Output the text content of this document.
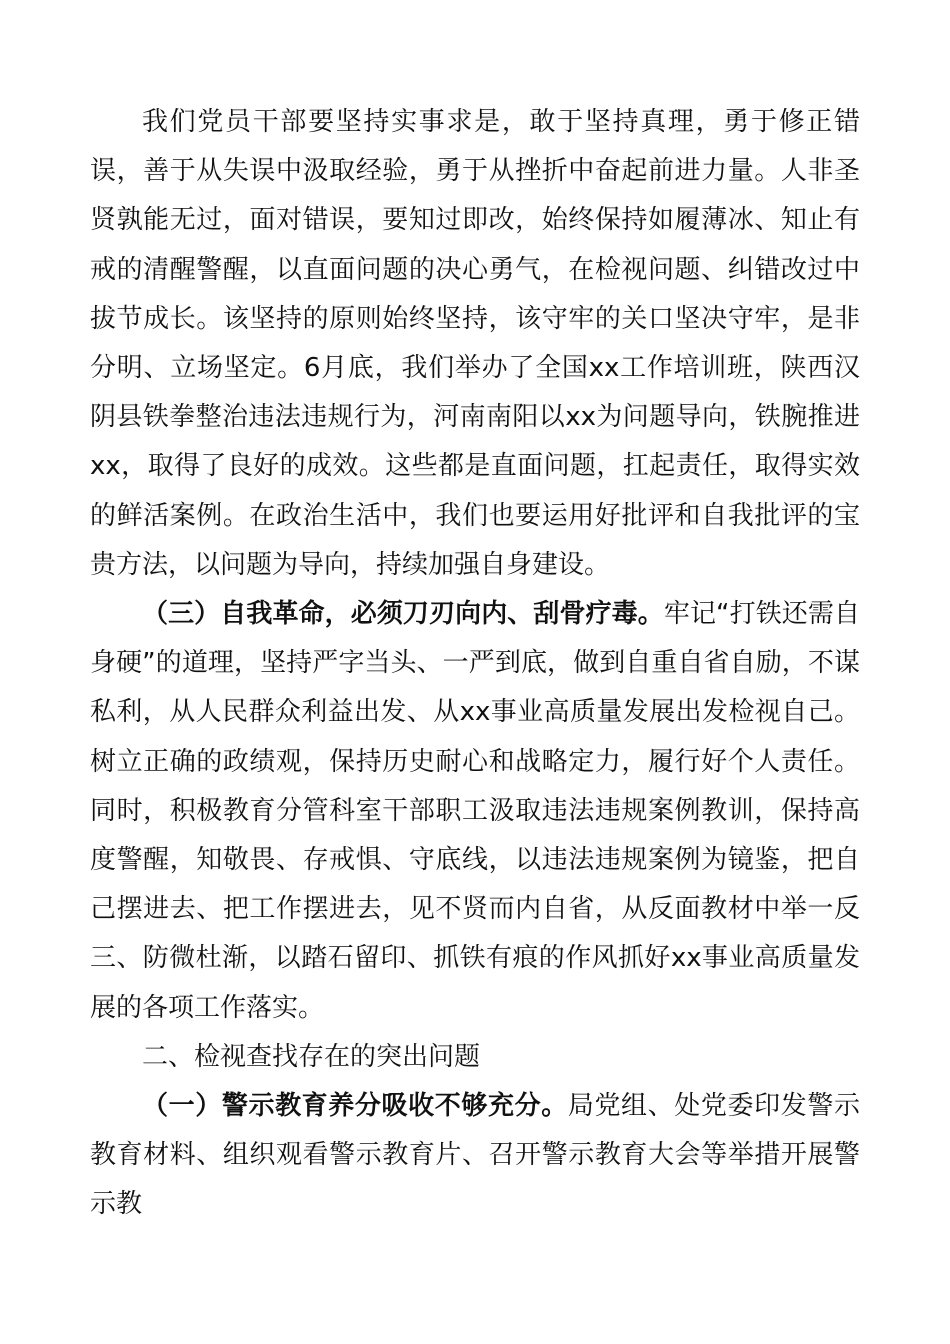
我们党员干部要坚持实事求是，敢于坚持真理，勇于修正错误，善于从失误中汲取经验，勇于从挫折中奋起前进力量。人非圣贤孰能无过，面对错误，要知过即改，始终保持如履薄冰、知止有戒的清醒警醒，以直面问题的决心勇气，在检视问题、纠错改过中拔节成长。该坚持的原则始终坚持，该守牢的关口坚决守牢，是非分明、立场坚定。6月底，我们举办了全国xx工作培训班，陕西汉阴县铁拳整治违法违规行为，河南南阳以xx为问题导向，铁腕推进xx，取得了良好的成效。这些都是直面问题，扛起责任，取得实效的鲜活案例。在政治生活中，我们也要运用好批评和自我批评的宝贵方法，以问题为导向，持续加强自身建设。

（三）自我革命，必须刀刃向内、刮骨疗毒。牢记“打铁还需自身硬”的道理，坚持严字当头、一严到底，做到自重自省自励，不谋私利，从人民群众利益出发、从xx事业高质量发展出发检视自己。树立正确的政绩观，保持历史耐心和战略定力，履行好个人责任。同时，积极教育分管科室干部职工汲取违法违规案例教训，保持高度警醒，知敬畏、存戒惧、守底线，以违法违规案例为镜鉴，把自己摆进去、把工作摆进去，见不贤而内自省，从反面教材中举一反三、防微杜渐，以踏石留印、抓铁有痕的作风抓好xx事业高质量发展的各项工作落实。

二、检视查找存在的突出问题

（一）警示教育养分吸收不够充分。局党组、处党委印发警示教育材料、组织观看警示教育片、召开警示教育大会等举措开展警示教
